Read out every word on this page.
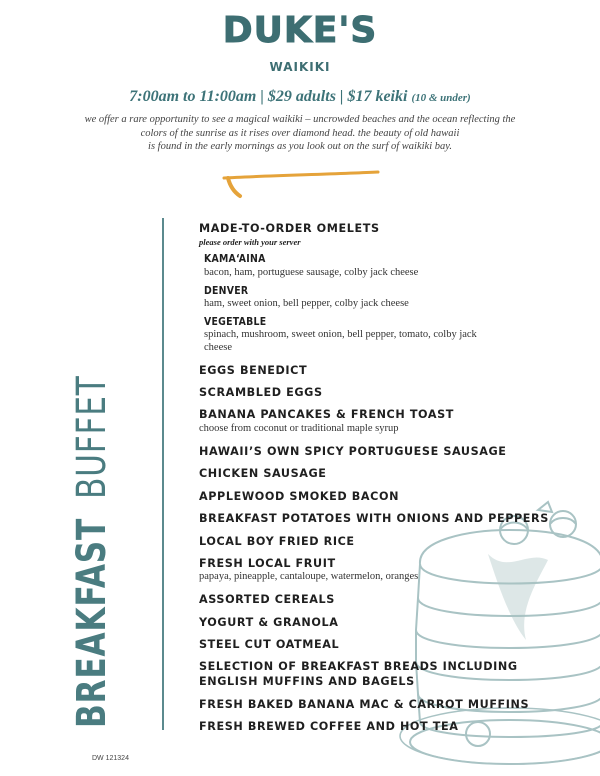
DUKE'S
WAIKIKI
7:00am to 11:00am | $29 adults | $17 keiki (10 & under)
we offer a rare opportunity to see a magical waikiki – uncrowded beaches and the ocean reflecting the
colors of the sunrise as it rises over diamond head. the beauty of old hawaii
is found in the early mornings as you look out on the surf of waikiki bay.
BREAKFAST BUFFET
MADE-TO-ORDER OMELETS
please order with your server
KAMA‘AINA
bacon, ham, portuguese sausage, colby jack cheese
DENVER
ham, sweet onion, bell pepper, colby jack cheese
VEGETABLE
spinach, mushroom, sweet onion, bell pepper, tomato, colby jack cheese
EGGS BENEDICT
SCRAMBLED EGGS
BANANA PANCAKES & FRENCH TOAST
choose from coconut or traditional maple syrup
HAWAII’S OWN SPICY PORTUGUESE SAUSAGE
CHICKEN SAUSAGE
APPLEWOOD SMOKED BACON
BREAKFAST POTATOES WITH ONIONS AND PEPPERS
LOCAL BOY FRIED RICE
FRESH LOCAL FRUIT
papaya, pineapple, cantaloupe, watermelon, oranges
ASSORTED CEREALS
YOGURT & GRANOLA
STEEL CUT OATMEAL
SELECTION OF BREAKFAST BREADS INCLUDING
ENGLISH MUFFINS AND BAGELS
FRESH BAKED BANANA MAC & CARROT MUFFINS
FRESH BREWED COFFEE AND HOT TEA
DW 121324
